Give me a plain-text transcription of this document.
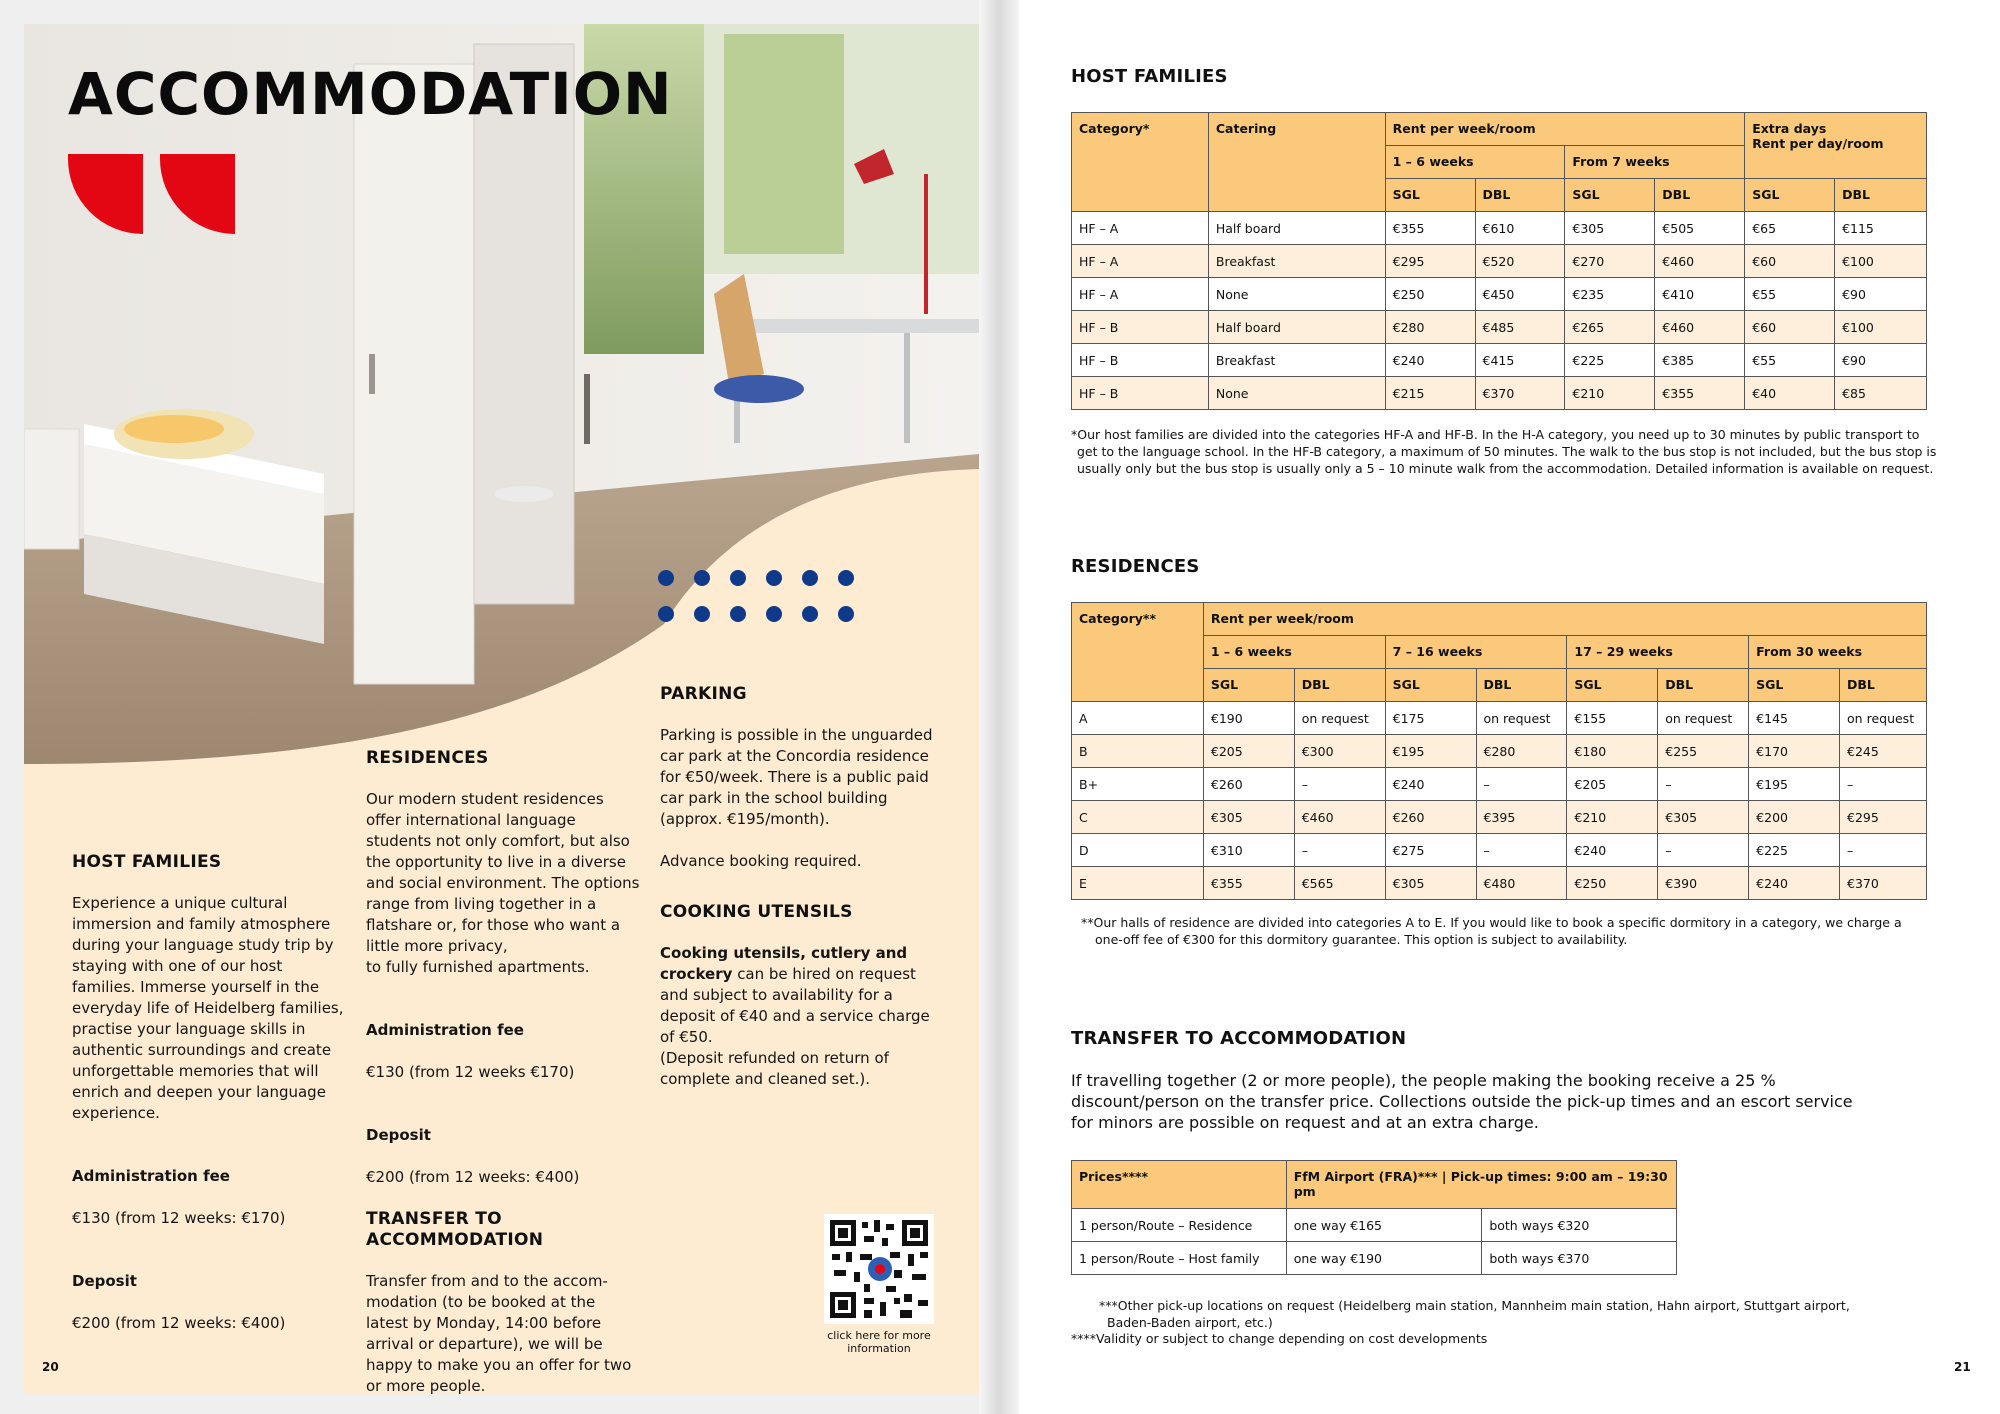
ACCOMMODATION
HOST FAMILIES

Experience a unique cultural immersion and family atmosphere during your language study trip by staying with one of our host families. Immerse yourself in the everyday life of Heidelberg families, practise your language skills in authentic surroundings and create unforgettable memories that will enrich and deepen your language experience.

Administration fee

€130 (from 12 weeks: €170)

Deposit

€200 (from 12 weeks: €400)

RESIDENCES

Our modern student residences offer international language students not only comfort, but also the opportunity to live in a diverse and social environment. The options range from living together in a flatshare or, for those who want a little more privacy,
to fully furnished apartments.

Administration fee

€130 (from 12 weeks €170)

Deposit

€200 (from 12 weeks: €400)

TRANSFER TO ACCOMMODATION

Transfer from and to the accom-modation (to be booked at the latest by Monday, 14:00 before arrival or departure), we will be happy to make you an offer for two or more people.

PARKING

Parking is possible in the unguarded car park at the Concordia residence for €50/week. There is a public paid car park in the school building (approx. €195/month).

Advance booking required.

COOKING UTENSILS

Cooking utensils, cutlery and crockery can be hired on request and subject to availability for a deposit of €40 and a service charge of €50.
(Deposit refunded on return of complete and cleaned set.).

click here for more information
20
HOST FAMILIES
Category*	Catering	Rent per week/room				Extra days
Rent per day/room	
		1 – 6 weeks		From 7 weeks			
		SGL	DBL	SGL	DBL	SGL	DBL
HF – A	Half board	€355	€610	€305	€505	€65	€115
HF – A	Breakfast	€295	€520	€270	€460	€60	€100
HF – A	None	€250	€450	€235	€410	€55	€90
HF – B	Half board	€280	€485	€265	€460	€60	€100
HF – B	Breakfast	€240	€415	€225	€385	€55	€90
HF – B	None	€215	€370	€210	€355	€40	€85
*Our host families are divided into the categories HF-A and HF-B. In the H-A category, you need up to 30 minutes by public transport to get to the language school. In the HF-B category, a maximum of 50 minutes. The walk to the bus stop is not included, but the bus stop is usually only but the bus stop is usually only a 5 – 10 minute walk from the accommodation. Detailed information is available on request.
RESIDENCES
Category**	Rent per week/room							
	1 – 6 weeks		7 – 16 weeks		17 – 29 weeks		From 30 weeks	
	SGL	DBL	SGL	DBL	SGL	DBL	SGL	DBL
A	€190	on request	€175	on request	€155	on request	€145	on request
B	€205	€300	€195	€280	€180	€255	€170	€245
B+	€260	–	€240	–	€205	–	€195	–
C	€305	€460	€260	€395	€210	€305	€200	€295
D	€310	–	€275	–	€240	–	€225	–
E	€355	€565	€305	€480	€250	€390	€240	€370
**Our halls of residence are divided into categories A to E. If you would like to book a specific dormitory in a category, we charge a one-off fee of €300 for this dormitory guarantee. This option is subject to availability.
TRANSFER TO ACCOMMODATION
If travelling together (2 or more people), the people making the booking receive a 25 % discount/person on the transfer price. Collections outside the pick-up times and an escort service for minors are possible on request and at an extra charge.
Prices****	FfM Airport (FRA)*** | Pick-up times: 9:00 am – 19:30 pm	
1 person/Route – Residence	one way €165	both ways €320
1 person/Route – Host family	one way €190	both ways €370
***Other pick-up locations on request (Heidelberg main station, Mannheim main station, Hahn airport, Stuttgart airport, Baden-Baden airport, etc.)
****Validity or subject to change depending on cost developments
21
